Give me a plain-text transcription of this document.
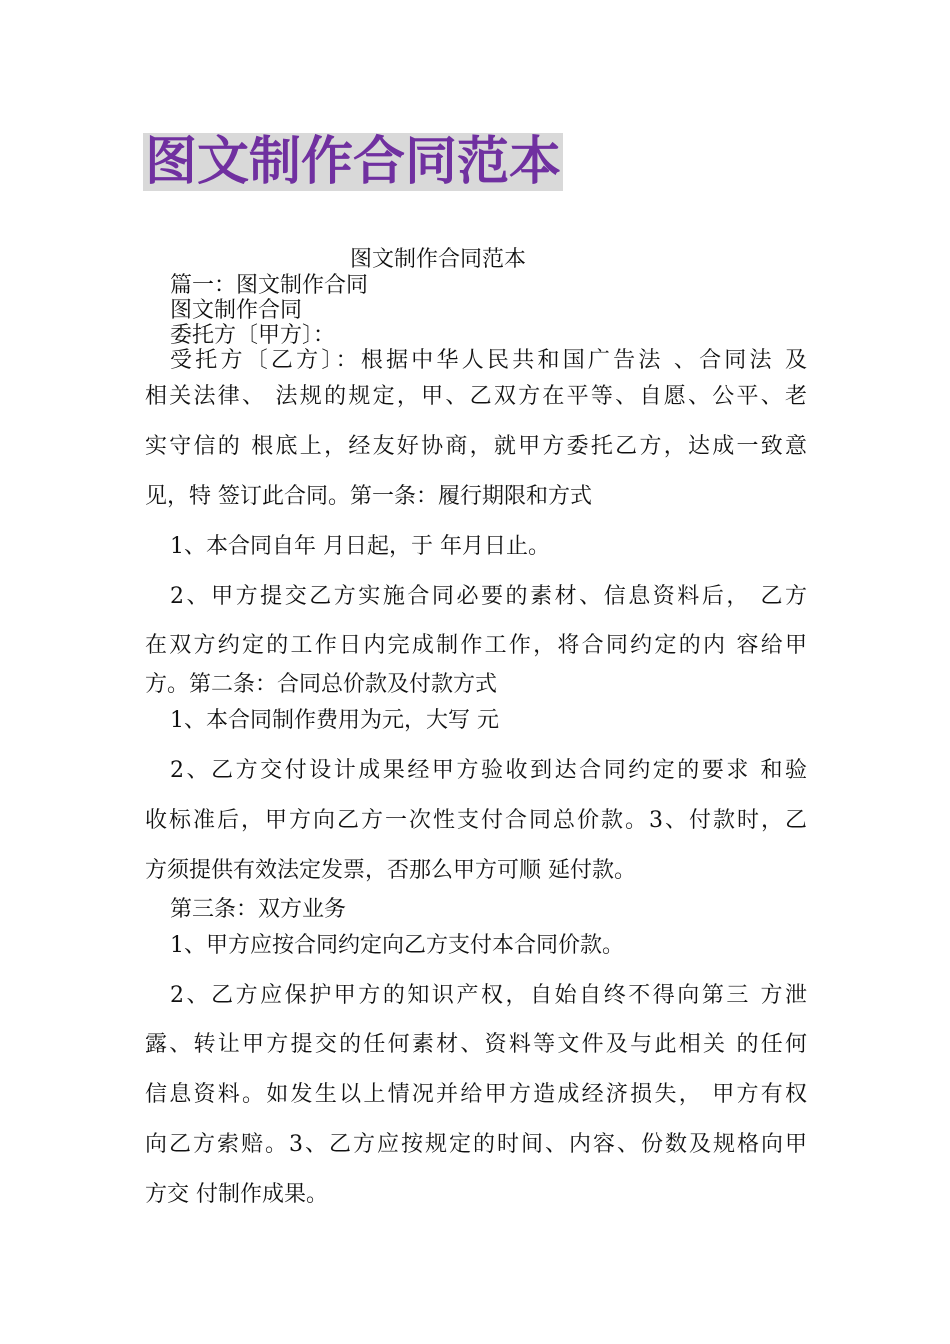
图文制作合同范本
图文制作合同范本
篇一：图文制作合同
图文制作合同
委托方〔甲方〕：
受托方〔乙方〕：根据中华人民共和国广告法 、合同法 及
相关法律、 法规的规定，甲、乙双方在平等、自愿、公平、老
实守信的 根底上，经友好协商，就甲方委托乙方，达成一致意
见，特 签订此合同。第一条：履行期限和方式
1、本合同自年 月日起，于 年月日止。
2、甲方提交乙方实施合同必要的素材、信息资料后， 乙方
在双方约定的工作日内完成制作工作，将合同约定的内 容给甲
方。第二条：合同总价款及付款方式
1、本合同制作费用为元，大写 元
2、乙方交付设计成果经甲方验收到达合同约定的要求 和验
收标准后，甲方向乙方一次性支付合同总价款。3、付款时，乙
方须提供有效法定发票，否那么甲方可顺 延付款。
第三条：双方业务
1、甲方应按合同约定向乙方支付本合同价款。
2、乙方应保护甲方的知识产权，自始自终不得向第三 方泄
露、转让甲方提交的任何素材、资料等文件及与此相关 的任何
信息资料。如发生以上情况并给甲方造成经济损失， 甲方有权
向乙方索赔。3、乙方应按规定的时间、内容、份数及规格向甲
方交 付制作成果。
